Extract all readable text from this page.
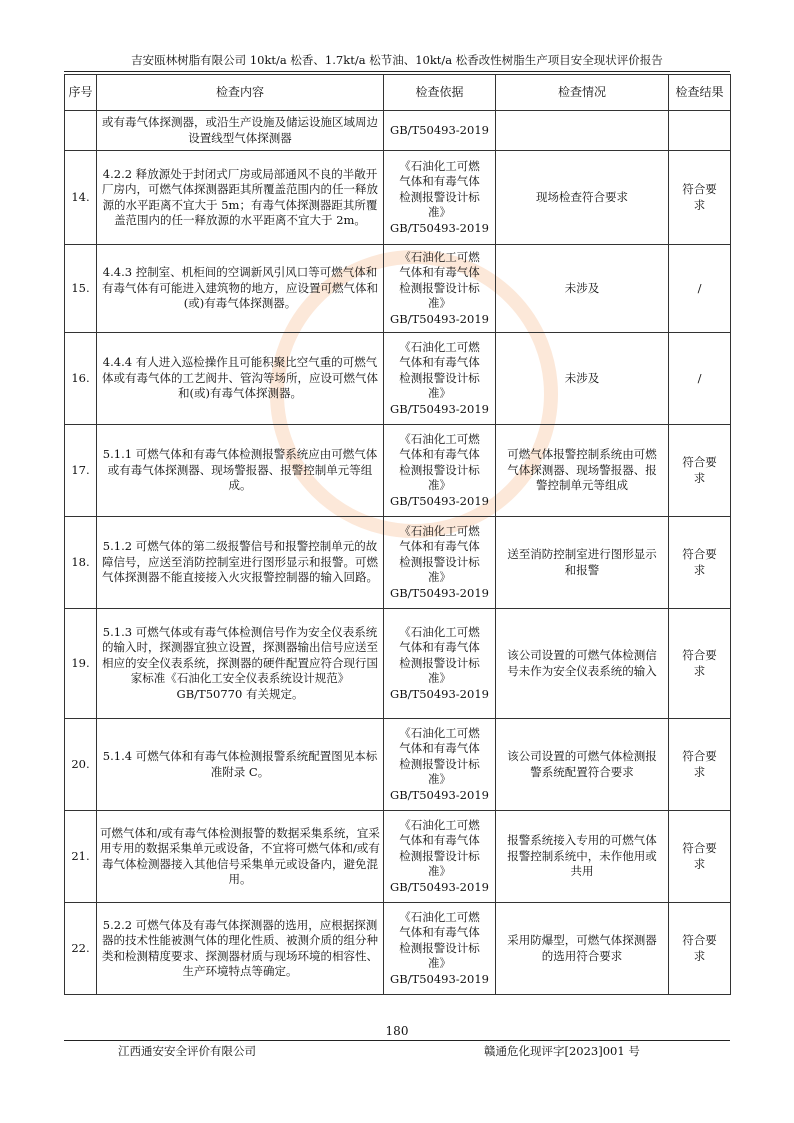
吉安瓯林树脂有限公司 10kt/a 松香、1.7kt/a 松节油、10kt/a 松香改性树脂生产项目安全现状评价报告
序号	检查内容	检查依据	检查情况	检查结果
	或有毒气体探测器，或沿生产设施及储运设施区域周边设置线型气体探测器	GB/T50493-2019		

14.	4.2.2 释放源处于封闭式厂房或局部通风不良的半敞开厂房内，可燃气体探测器距其所覆盖范围内的任一释放源的水平距离不宜大于 5m；有毒气体探测器距其所覆盖范围内的任一释放源的水平距离不宜大于 2m。	《石油化工可燃
气体和有毒气体
检测报警设计标
准》
GB/T50493-2019	现场检查符合要求	符合要求
15.	4.4.3 控制室、机柜间的空调新风引风口等可燃气体和有毒气体有可能进入建筑物的地方，应设置可燃气体和(或)有毒气体探测器。	《石油化工可燃
气体和有毒气体
检测报警设计标
准》
GB/T50493-2019	未涉及	/
16.	4.4.4 有人进入巡检操作且可能积聚比空气重的可燃气体或有毒气体的工艺阀井、管沟等场所，应设可燃气体和(或)有毒气体探测器。	《石油化工可燃
气体和有毒气体
检测报警设计标
准》
GB/T50493-2019	未涉及	/
17.	5.1.1 可燃气体和有毒气体检测报警系统应由可燃气体或有毒气体探测器、现场警报器、报警控制单元等组成。	《石油化工可燃
气体和有毒气体
检测报警设计标
准》
GB/T50493-2019	可燃气体报警控制系统由可燃气体探测器、现场警报器、报警控制单元等组成	符合要求
18.	5.1.2 可燃气体的第二级报警信号和报警控制单元的故障信号，应送至消防控制室进行图形显示和报警。可燃气体探测器不能直接接入火灾报警控制器的输入回路。	《石油化工可燃
气体和有毒气体
检测报警设计标
准》
GB/T50493-2019	送至消防控制室进行图形显示和报警	符合要求
19.	5.1.3 可燃气体或有毒气体检测信号作为安全仪表系统的输入时，探测器宜独立设置，探测器输出信号应送至相应的安全仪表系统，探测器的硬件配置应符合现行国家标准《石油化工安全仪表系统设计规范》GB/T50770 有关规定。	《石油化工可燃
气体和有毒气体
检测报警设计标
准》
GB/T50493-2019	该公司设置的可燃气体检测信号未作为安全仪表系统的输入	符合要求
20.	5.1.4 可燃气体和有毒气体检测报警系统配置图见本标准附录 C。	《石油化工可燃
气体和有毒气体
检测报警设计标
准》
GB/T50493-2019	该公司设置的可燃气体检测报警系统配置符合要求	符合要求
21.	可燃气体和/或有毒气体检测报警的数据采集系统，宜采用专用的数据采集单元或设备，不宜将可燃气体和/或有毒气体检测器接入其他信号采集单元或设备内，避免混用。	《石油化工可燃
气体和有毒气体
检测报警设计标
准》
GB/T50493-2019	报警系统接入专用的可燃气体报警控制系统中，未作他用或共用	符合要求
22.	5.2.2 可燃气体及有毒气体探测器的选用，应根据探测器的技术性能被测气体的理化性质、被测介质的组分种类和检测精度要求、探测器材质与现场环境的相容性、生产环境特点等确定。	《石油化工可燃
气体和有毒气体
检测报警设计标
准》
GB/T50493-2019	采用防爆型，可燃气体探测器的选用符合要求	符合要求
180
江西通安安全评价有限公司	赣通危化现评字[2023]001 号
